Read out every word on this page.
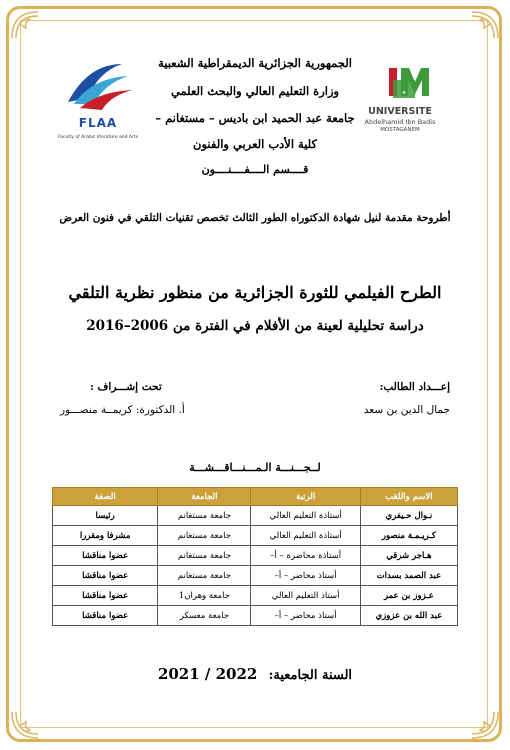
الجمهورية الجزائرية الديمقراطية الشعبية
وزارة التعليم العالي والبحث العلمي
جامعة عبد الحميد ابن باديس – مستغانم –
كلية الأدب العربي والفنون
قــــسم الــــفــــنــــون
★
UNIVERSITE
Abdelhamid Ibn Badis
MOSTAGANEM
FLAA
Faculty of Arabic literature and Arts
أطروحة مقدمة لنيل شهادة الدكتوراه الطور الثالث تخصص تقنيات التلقي في فنون العرض
الطرح الفيلمي للثورة الجزائرية من منظور نظرية التلقي
دراسة تحليلية لعينة من الأفلام في الفترة من 2006–2016
إعـــداد الطالب:
تحت إشـــراف :
جمال الدين بن سعد
أ. الدكتورة: كريمــة منصـــور
لــجـــنـــة الـمـــنـــاقـــشـــة
الاسم واللقب	الرتبة	الجامعة	الصفة
نـوال حـيفري	أستاذة التعليم العالي	جامعة مستغانم	رئيسا
كـريـمـة منصور	أستاذة التعليم العالي	جامعة مستغانم	مشرفا ومقررا
هـاجر شرقي	أستاذة محاضرة – أ–	جامعة مستغانم	عضوا مناقشا
عبد الصمد بسدات	أستاذ محاضر – أ–	جامعة مستغانم	عضوا مناقشا
عـزوز بن عمر	أستاذ التعليم العالي	جامعة وهران1	عضوا مناقشا
عبد الله بن عزوزي	أستاذ محاضر – أ–	جامعة معسكر	عضوا مناقشا
السنة الجامعية: 2021 / 2022
